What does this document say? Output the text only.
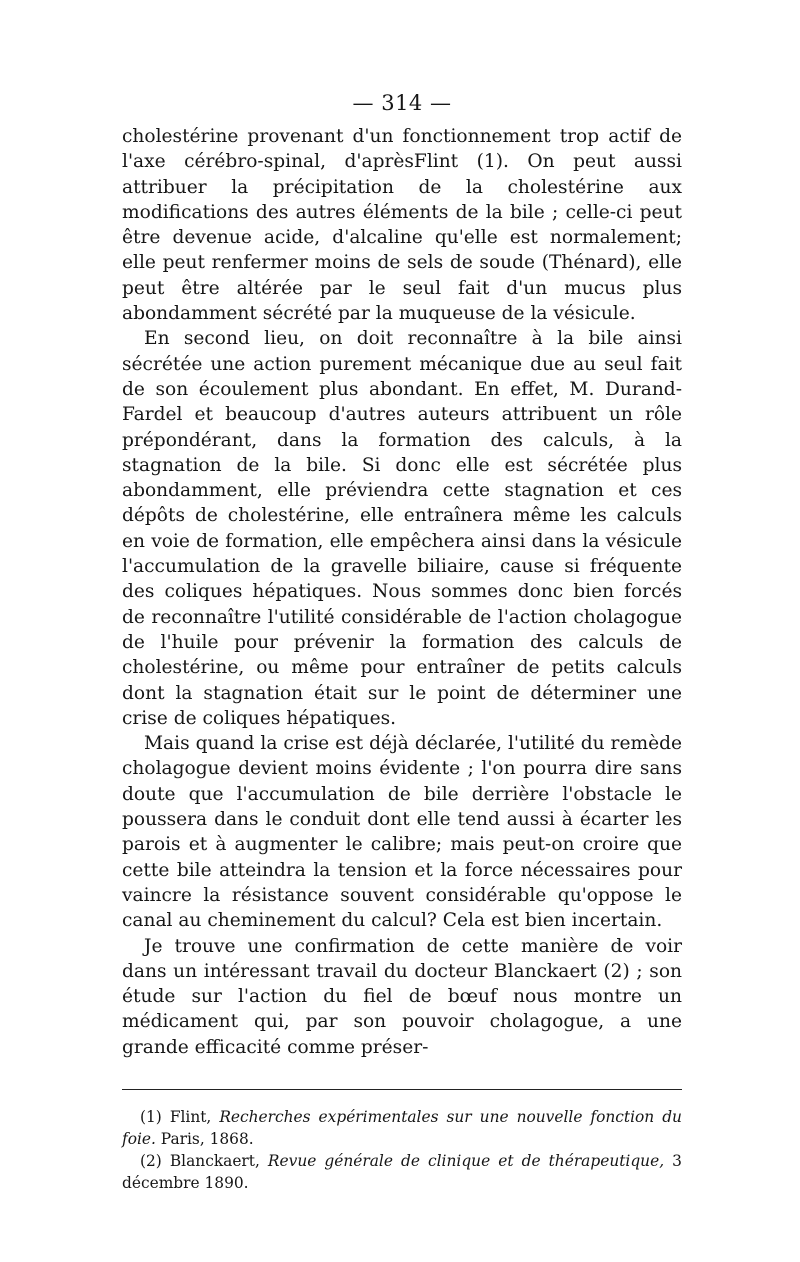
— 314 —

cholestérine provenant d'un fonctionnement trop actif de l'axe cérébro-spinal, d'aprèsFlint (1). On peut aussi attribuer la précipitation de la cholestérine aux modifications des autres éléments de la bile ; celle-ci peut être devenue acide, d'alcaline qu'elle est normalement; elle peut renfermer moins de sels de soude (Thénard), elle peut être altérée par le seul fait d'un mucus plus abondamment sécrété par la muqueuse de la vésicule.

En second lieu, on doit reconnaître à la bile ainsi sécrétée une action purement mécanique due au seul fait de son écoulement plus abondant. En effet, M. Durand-Fardel et beaucoup d'autres auteurs attribuent un rôle prépondérant, dans la formation des calculs, à la stagnation de la bile. Si donc elle est sécrétée plus abondamment, elle préviendra cette stagnation et ces dépôts de cholestérine, elle entraînera même les calculs en voie de formation, elle empêchera ainsi dans la vésicule l'accumulation de la gravelle biliaire, cause si fréquente des coliques hépatiques. Nous sommes donc bien forcés de reconnaître l'utilité considérable de l'action cholagogue de l'huile pour prévenir la formation des calculs de cholestérine, ou même pour entraîner de petits calculs dont la stagnation était sur le point de déterminer une crise de coliques hépatiques.

Mais quand la crise est déjà déclarée, l'utilité du remède cholagogue devient moins évidente ; l'on pourra dire sans doute que l'accumulation de bile derrière l'obstacle le poussera dans le conduit dont elle tend aussi à écarter les parois et à augmenter le calibre; mais peut-on croire que cette bile atteindra la tension et la force nécessaires pour vaincre la résistance souvent considérable qu'oppose le canal au cheminement du calcul? Cela est bien incertain.

Je trouve une confirmation de cette manière de voir dans un intéressant travail du docteur Blanckaert (2) ; son étude sur l'action du fiel de bœuf nous montre un médicament qui, par son pouvoir cholagogue, a une grande efficacité comme préser-

(1) Flint, Recherches expérimentales sur une nouvelle fonction du foie. Paris, 1868.

(2) Blanckaert, Revue générale de clinique et de thérapeutique, 3 décembre 1890.
